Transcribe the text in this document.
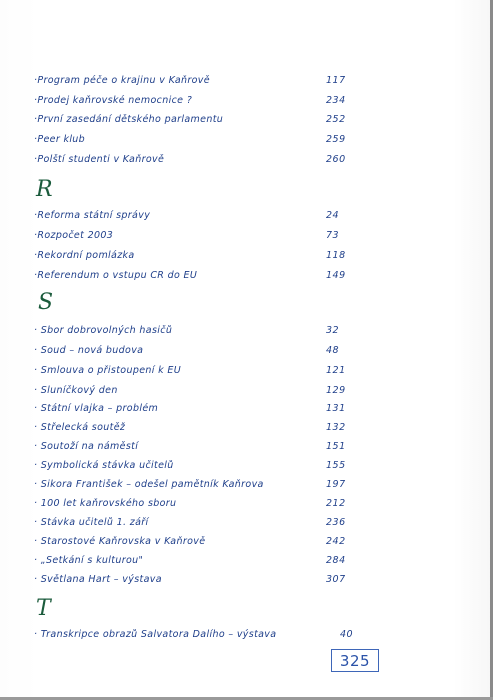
·Program péče o krajinu v Kaňrově	117
·Prodej kaňrovské nemocnice ?	234
·První zasedání dětského parlamentu	252
·Peer klub	259
·Polští studenti v Kaňrově	260
R
·Reforma státní správy	24
·Rozpočet 2003	73
·Rekordní pomlázka	118
·Referendum o vstupu ČR do EU	149
S
· Sbor dobrovolných hasičů	32
· Soud – nová budova	48
· Smlouva o přistoupení k EU	121
· Sluníčkový den	129
· Státní vlajka – problém	131
· Střelecká soutěž	132
· Soutoží na náměstí	151
· Symbolická stávka učitelů	155
· Sikora František – odešel pamětník Kaňrova	197
· 100 let kaňrovského sboru	212
· Stávka učitelů 1. září	236
· Starostové Kaňrovska v Kaňrově	242
· „Setkání s kulturou"	284
· Světlana Hart – výstava	307
T
· Transkripce obrazů Salvatora Dalího – výstava	40
325
